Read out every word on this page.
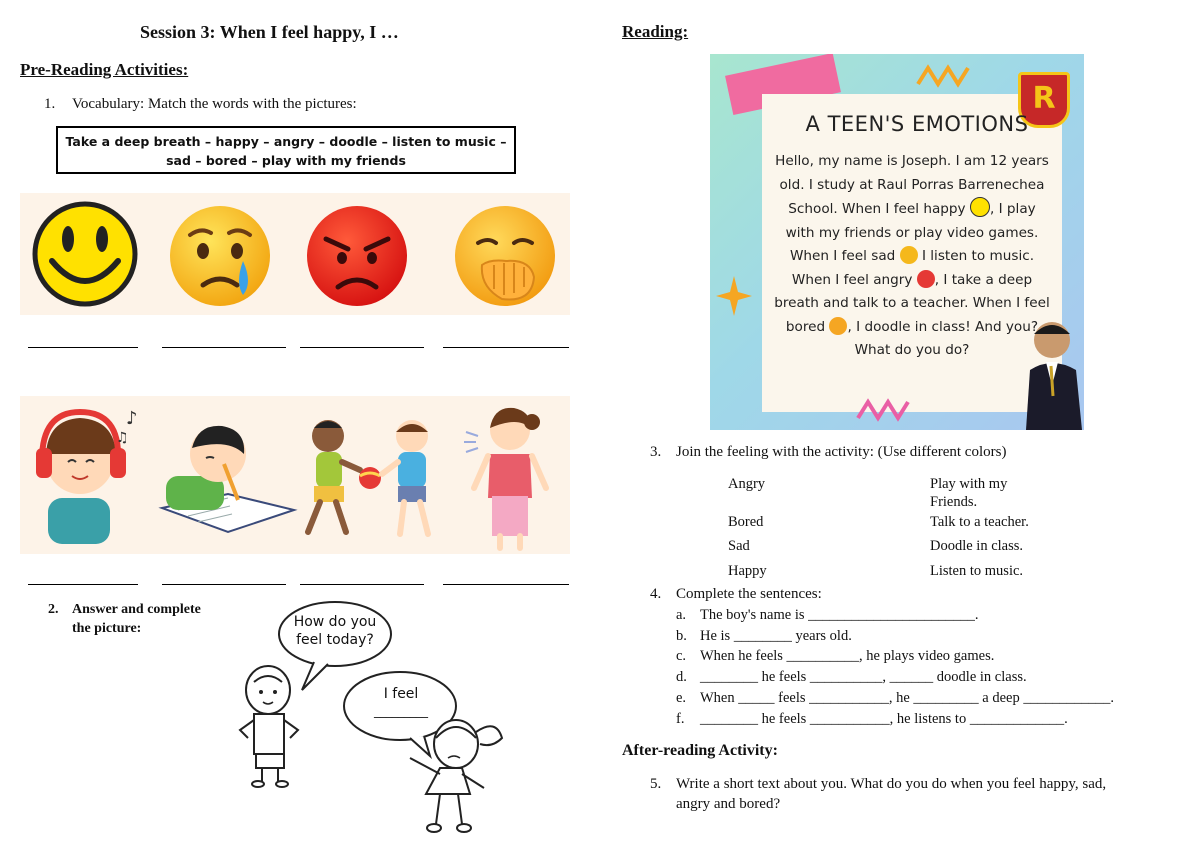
Session 3: When I feel happy, I …
Pre-Reading Activities:
1. Vocabulary: Match the words with the pictures:
Take a deep breath – happy – angry – doodle – listen to music –
sad – bored – play with my friends
♪
♫
2. Answer and complete
the picture:	How do you
feel today?
I feel
_________
Reading:
R
A TEEN'S EMOTIONS
Hello, my name is Joseph. I am 12 years old. I study at Raul Porras Barrenechea School. When I feel happy , I play with my friends or play video games. When I feel sad  I listen to music. When I feel angry , I take a deep breath and talk to a teacher. When I feel bored , I doodle in class! And you? What do you do?
3. Join the feeling with the activity: (Use different colors)
Angry
Bored
Sad
Happy
Play with my
Friends.
Talk to a teacher.
Doodle in class.
Listen to music.
4. Complete the sentences:
a. The boy's name is _______________________.
b. He is ________ years old.
c. When he feels __________, he plays video games.
d. ________ he feels __________, ______ doodle in class.
e. When _____ feels ___________, he _________ a deep ____________.
f. ________ he feels ___________, he listens to _____________.
After-reading Activity:
5. Write a short text about you. What do you do when you feel happy, sad,
angry and bored?
